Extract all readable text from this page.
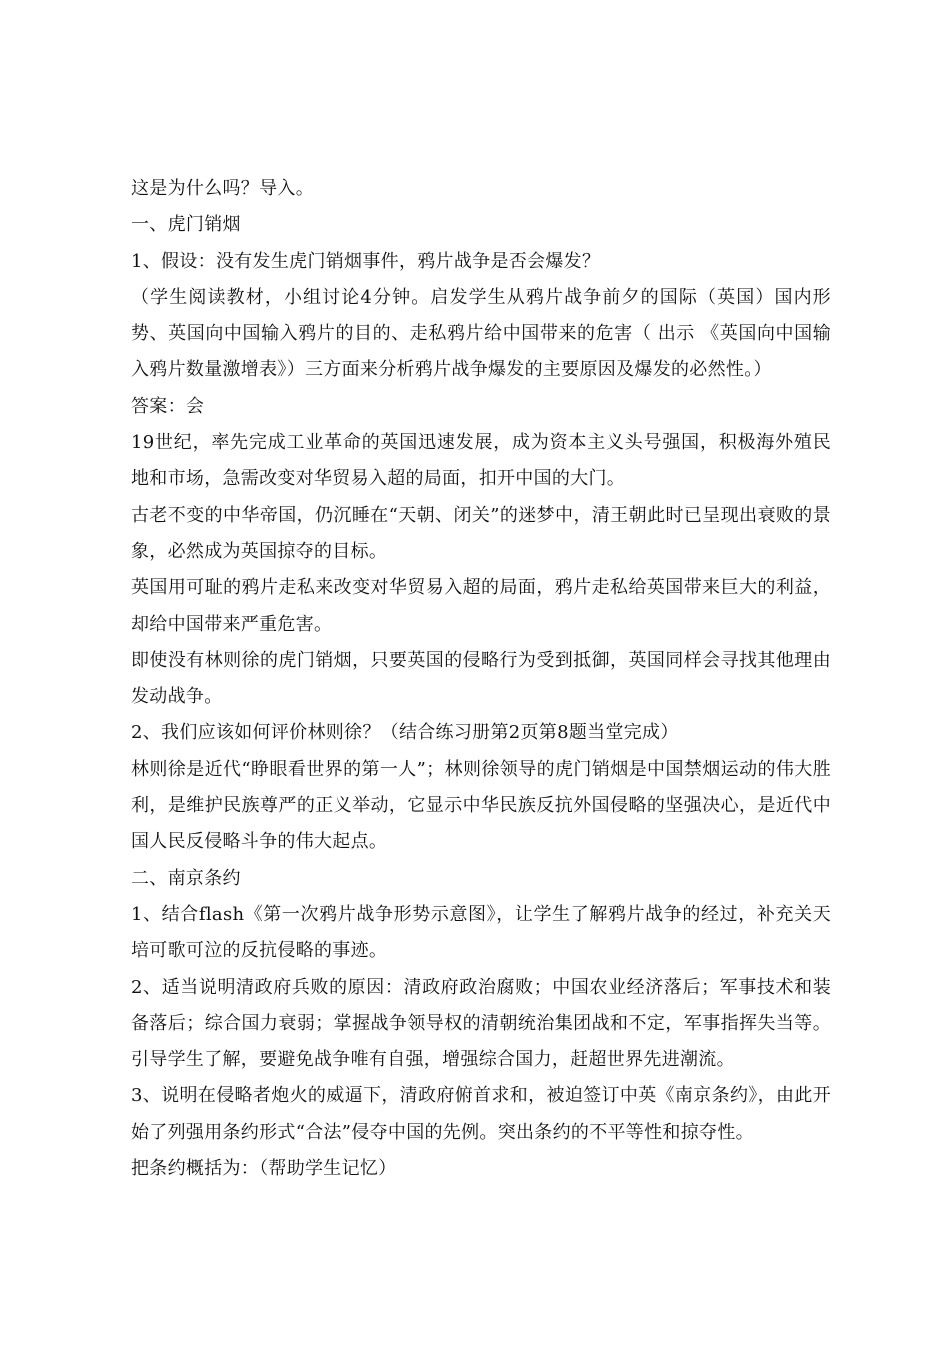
这是为什么吗？导入。

一、虎门销烟

1、假设：没有发生虎门销烟事件，鸦片战争是否会爆发？

（学生阅读教材，小组讨论4分钟。启发学生从鸦片战争前夕的国际（英国）国内形势、英国向中国输入鸦片的目的、走私鸦片给中国带来的危害（ 出示 《英国向中国输入鸦片数量激增表》）三方面来分析鸦片战争爆发的主要原因及爆发的必然性。）

答案：会

19世纪，率先完成工业革命的英国迅速发展，成为资本主义头号强国，积极海外殖民地和市场，急需改变对华贸易入超的局面，扣开中国的大门。

古老不变的中华帝国，仍沉睡在“天朝、闭关”的迷梦中，清王朝此时已呈现出衰败的景象，必然成为英国掠夺的目标。

英国用可耻的鸦片走私来改变对华贸易入超的局面，鸦片走私给英国带来巨大的利益，却给中国带来严重危害。

即使没有林则徐的虎门销烟，只要英国的侵略行为受到抵御，英国同样会寻找其他理由发动战争。

2、我们应该如何评价林则徐？（结合练习册第2页第8题当堂完成）

林则徐是近代“睁眼看世界的第一人”；林则徐领导的虎门销烟是中国禁烟运动的伟大胜利，是维护民族尊严的正义举动，它显示中华民族反抗外国侵略的坚强决心，是近代中国人民反侵略斗争的伟大起点。

二、南京条约

1、结合flash《第一次鸦片战争形势示意图》，让学生了解鸦片战争的经过，补充关天培可歌可泣的反抗侵略的事迹。

2、适当说明清政府兵败的原因：清政府政治腐败；中国农业经济落后；军事技术和装备落后；综合国力衰弱；掌握战争领导权的清朝统治集团战和不定，军事指挥失当等。引导学生了解，要避免战争唯有自强，增强综合国力，赶超世界先进潮流。

3、说明在侵略者炮火的威逼下，清政府俯首求和，被迫签订中英《南京条约》，由此开始了列强用条约形式“合法”侵夺中国的先例。突出条约的不平等性和掠夺性。

把条约概括为：（帮助学生记忆）
